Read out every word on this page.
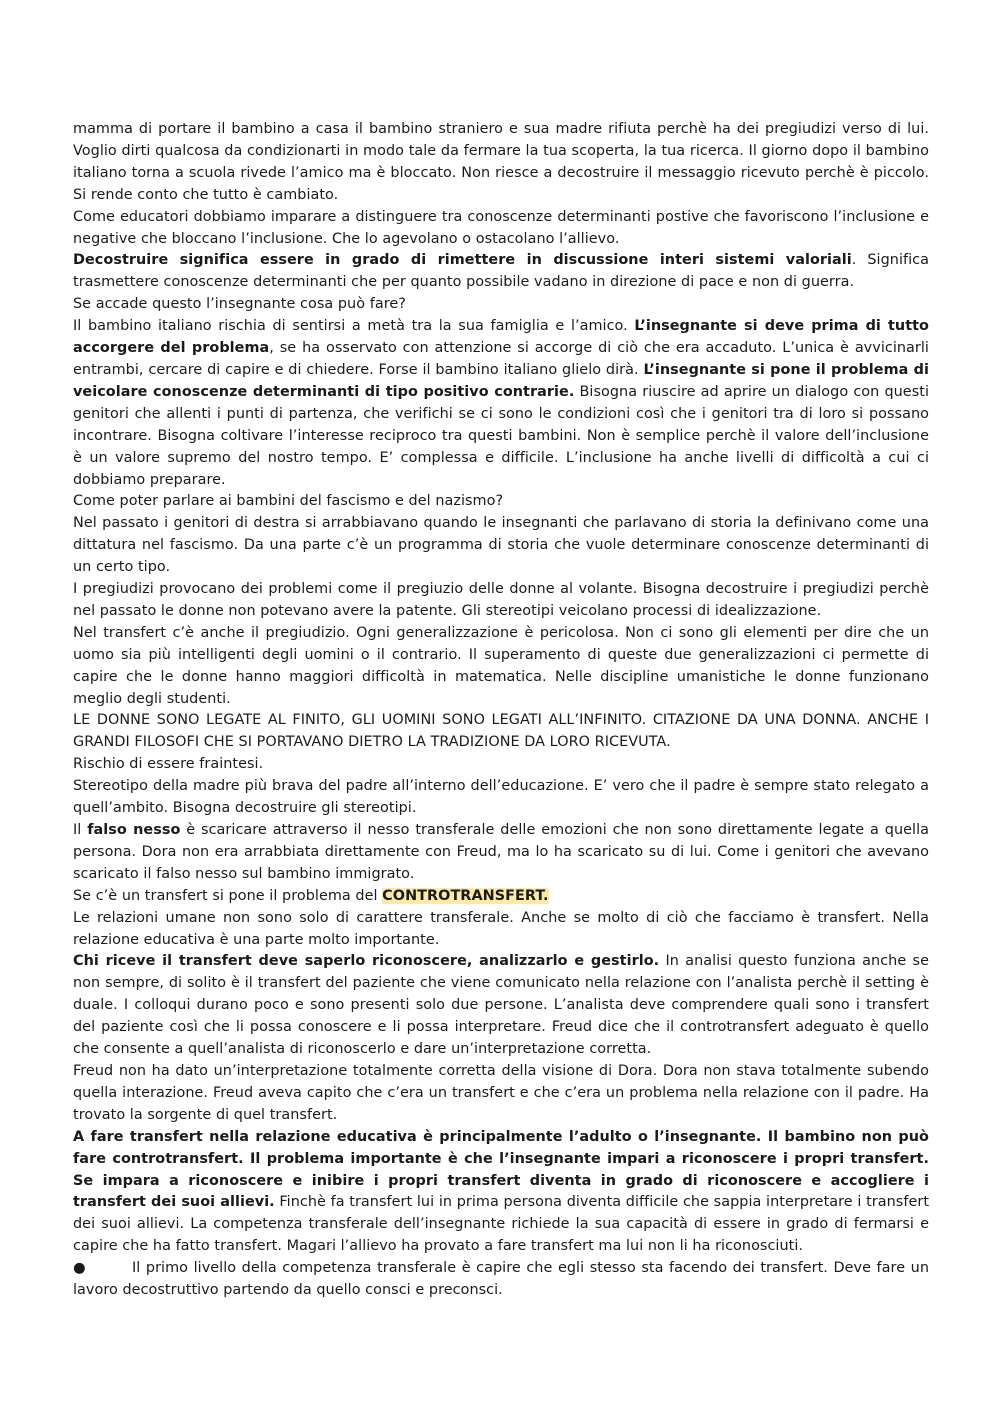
mamma di portare il bambino a casa il bambino straniero e sua madre rifiuta perchè ha dei pregiudizi verso di lui. Voglio dirti qualcosa da condizionarti in modo tale da fermare la tua scoperta, la tua ricerca. Il giorno dopo il bambino italiano torna a scuola rivede l’amico ma è bloccato. Non riesce a decostruire il messaggio ricevuto perchè è piccolo. Si rende conto che tutto è cambiato.

Come educatori dobbiamo imparare a distinguere tra conoscenze determinanti postive che favoriscono l’inclusione e negative che bloccano l’inclusione. Che lo agevolano o ostacolano l’allievo.

Decostruire significa essere in grado di rimettere in discussione interi sistemi valoriali. Significa trasmettere conoscenze determinanti che per quanto possibile vadano in direzione di pace e non di guerra.

Se accade questo l’insegnante cosa può fare?

Il bambino italiano rischia di sentirsi a metà tra la sua famiglia e l’amico. L’insegnante si deve prima di tutto accorgere del problema, se ha osservato con attenzione si accorge di ciò che era accaduto. L’unica è avvicinarli entrambi, cercare di capire e di chiedere. Forse il bambino italiano glielo dirà. L’insegnante si pone il problema di veicolare conoscenze determinanti di tipo positivo contrarie. Bisogna riuscire ad aprire un dialogo con questi genitori che allenti i punti di partenza, che verifichi se ci sono le condizioni così che i genitori tra di loro si possano incontrare. Bisogna coltivare l’interesse reciproco tra questi bambini. Non è semplice perchè il valore dell’inclusione è un valore supremo del nostro tempo. E’ complessa e difficile. L’inclusione ha anche livelli di difficoltà a cui ci dobbiamo preparare.

Come poter parlare ai bambini del fascismo e del nazismo?

Nel passato i genitori di destra si arrabbiavano quando le insegnanti che parlavano di storia la definivano come una dittatura nel fascismo. Da una parte c’è un programma di storia che vuole determinare conoscenze determinanti di un certo tipo.

I pregiudizi provocano dei problemi come il pregiuzio delle donne al volante. Bisogna decostruire i pregiudizi perchè nel passato le donne non potevano avere la patente. Gli stereotipi veicolano processi di idealizzazione.

Nel transfert c’è anche il pregiudizio. Ogni generalizzazione è pericolosa. Non ci sono gli elementi per dire che un uomo sia più intelligenti degli uomini o il contrario. Il superamento di queste due generalizzazioni ci permette di capire che le donne hanno maggiori difficoltà in matematica. Nelle discipline umanistiche le donne funzionano meglio degli studenti.

LE DONNE SONO LEGATE AL FINITO, GLI UOMINI SONO LEGATI ALL’INFINITO. CITAZIONE DA UNA DONNA. ANCHE I GRANDI FILOSOFI CHE SI PORTAVANO DIETRO LA TRADIZIONE DA LORO RICEVUTA.

Rischio di essere fraintesi.

Stereotipo della madre più brava del padre all’interno dell’educazione. E’ vero che il padre è sempre stato relegato a quell’ambito. Bisogna decostruire gli stereotipi.

Il falso nesso è scaricare attraverso il nesso transferale delle emozioni che non sono direttamente legate a quella persona. Dora non era arrabbiata direttamente con Freud, ma lo ha scaricato su di lui. Come i genitori che avevano scaricato il falso nesso sul bambino immigrato.

Se c’è un transfert si pone il problema del CONTROTRANSFERT.

Le relazioni umane non sono solo di carattere transferale. Anche se molto di ciò che facciamo è transfert. Nella relazione educativa è una parte molto importante.

Chi riceve il transfert deve saperlo riconoscere, analizzarlo e gestirlo. In analisi questo funziona anche se non sempre, di solito è il transfert del paziente che viene comunicato nella relazione con l’analista perchè il setting è duale. I colloqui durano poco e sono presenti solo due persone. L’analista deve comprendere quali sono i transfert del paziente così che li possa conoscere e li possa interpretare. Freud dice che il controtransfert adeguato è quello che consente a quell’analista di riconoscerlo e dare un’interpretazione corretta.

Freud non ha dato un’interpretazione totalmente corretta della visione di Dora. Dora non stava totalmente subendo quella interazione. Freud aveva capito che c’era un transfert e che c’era un problema nella relazione con il padre. Ha trovato la sorgente di quel transfert.

A fare transfert nella relazione educativa è principalmente l’adulto o l’insegnante. Il bambino non può fare controtransfert. Il problema importante è che l’insegnante impari a riconoscere i propri transfert. Se impara a riconoscere e inibire i propri transfert diventa in grado di riconoscere e accogliere i transfert dei suoi allievi. Finchè fa transfert lui in prima persona diventa difficile che sappia interpretare i transfert dei suoi allievi. La competenza transferale dell’insegnante richiede la sua capacità di essere in grado di fermarsi e capire che ha fatto transfert. Magari l’allievo ha provato a fare transfert ma lui non li ha riconosciuti.

●	Il primo livello della competenza transferale è capire che egli stesso sta facendo dei transfert. Deve fare un lavoro decostruttivo partendo da quello consci e preconsci.
